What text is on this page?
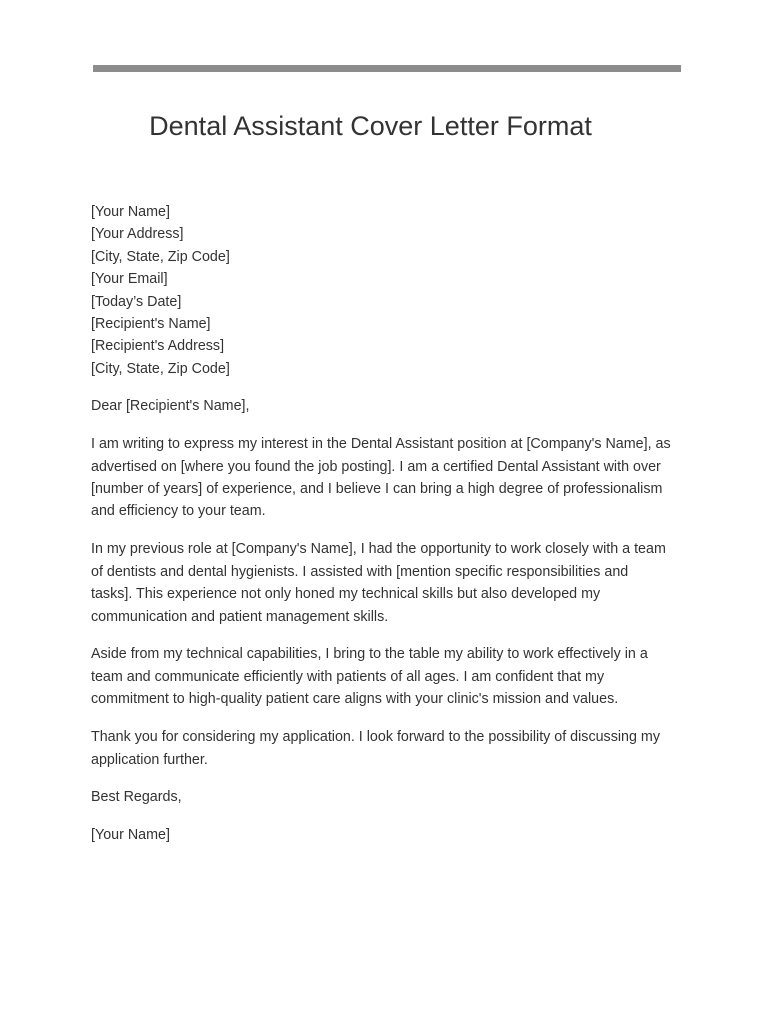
Dental Assistant Cover Letter Format
[Your Name]
[Your Address]
[City, State, Zip Code]
[Your Email]
[Today’s Date]
[Recipient's Name]
[Recipient's Address]
[City, State, Zip Code]

Dear [Recipient's Name],

I am writing to express my interest in the Dental Assistant position at [Company's Name], as advertised on [where you found the job posting]. I am a certified Dental Assistant with over [number of years] of experience, and I believe I can bring a high degree of professionalism and efficiency to your team.

In my previous role at [Company's Name], I had the opportunity to work closely with a team of dentists and dental hygienists. I assisted with [mention specific responsibilities and tasks]. This experience not only honed my technical skills but also developed my communication and patient management skills.

Aside from my technical capabilities, I bring to the table my ability to work effectively in a team and communicate efficiently with patients of all ages. I am confident that my commitment to high-quality patient care aligns with your clinic's mission and values.

Thank you for considering my application. I look forward to the possibility of discussing my application further.

Best Regards,

[Your Name]
